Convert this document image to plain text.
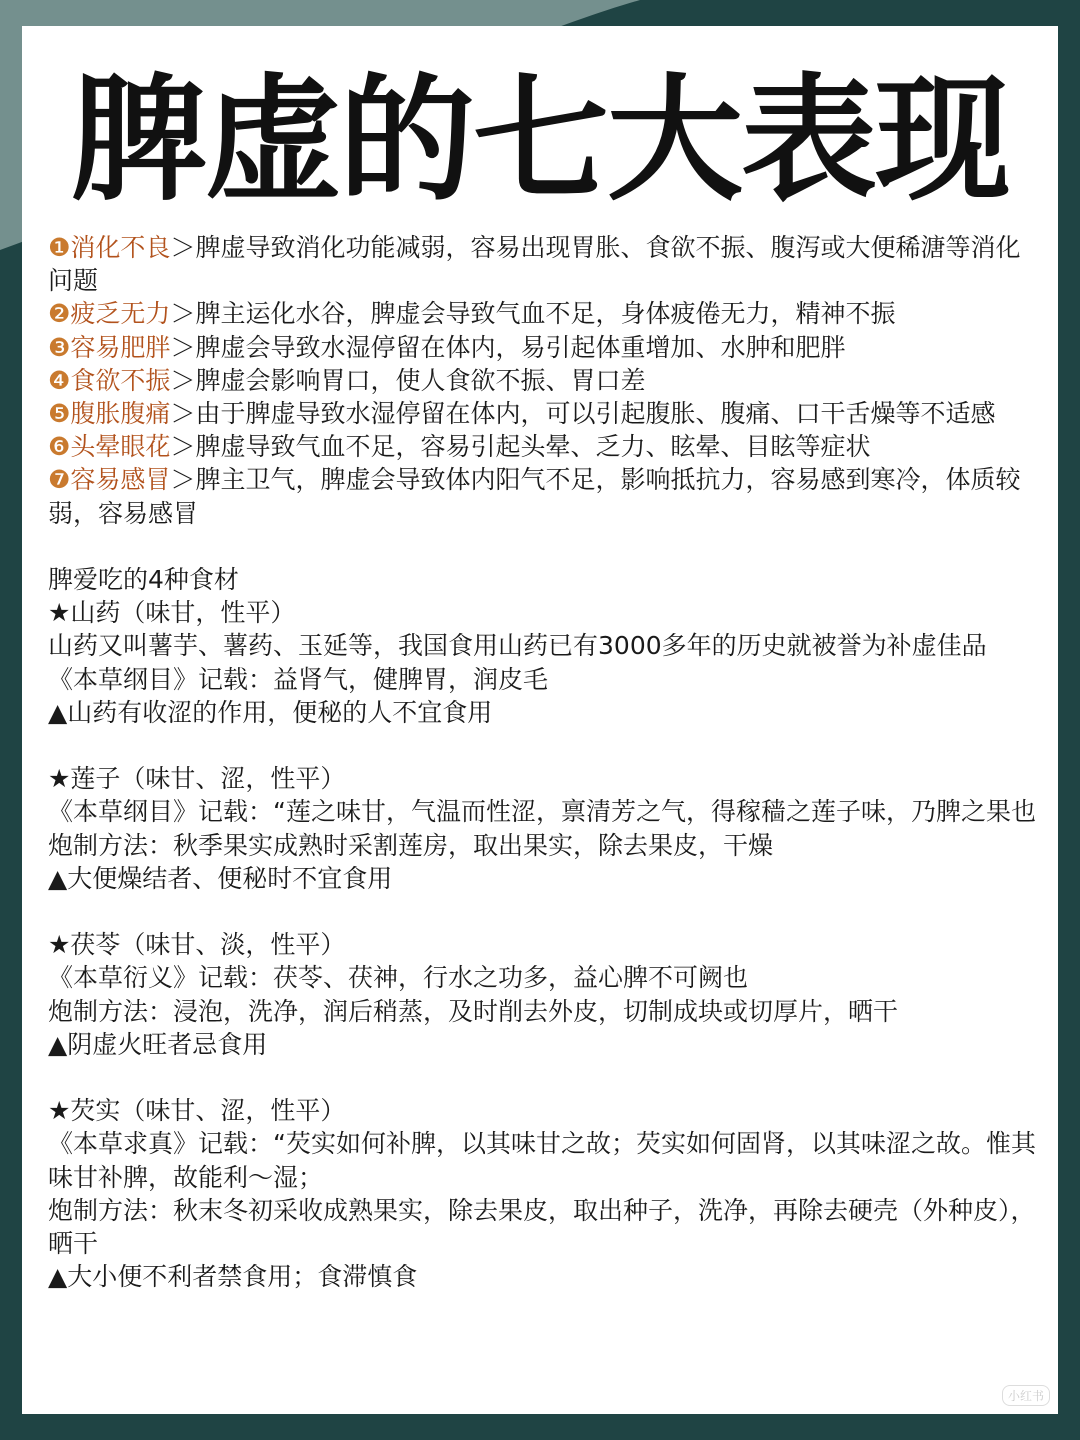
脾虚的七大表现

❶消化不良＞脾虚导致消化功能减弱，容易出现胃胀、食欲不振、腹泻或大便稀溏等消化问题

❷疲乏无力＞脾主运化水谷，脾虚会导致气血不足，身体疲倦无力，精神不振

❸容易肥胖＞脾虚会导致水湿停留在体内，易引起体重增加、水肿和肥胖

❹食欲不振＞脾虚会影响胃口，使人食欲不振、胃口差

❺腹胀腹痛＞由于脾虚导致水湿停留在体内，可以引起腹胀、腹痛、口干舌燥等不适感

❻头晕眼花＞脾虚导致气血不足，容易引起头晕、乏力、眩晕、目眩等症状

❼容易感冒＞脾主卫气，脾虚会导致体内阳气不足，影响抵抗力，容易感到寒冷，体质较弱，容易感冒

脾爱吃的4种食材

★山药（味甘，性平）

山药又叫薯芋、薯药、玉延等，我国食用山药已有3000多年的历史就被誉为补虚佳品

《本草纲目》记载：益肾气，健脾胃，润皮毛

▲山药有收涩的作用，便秘的人不宜食用

★莲子（味甘、涩，性平）

《本草纲目》记载：“莲之味甘，气温而性涩，禀清芳之气，得稼穑之莲子味，乃脾之果也

炮制方法：秋季果实成熟时采割莲房，取出果实，除去果皮，干燥

▲大便燥结者、便秘时不宜食用

★茯苓（味甘、淡，性平）

《本草衍义》记载：茯苓、茯神，行水之功多，益心脾不可阙也

炮制方法：浸泡，洗净，润后稍蒸，及时削去外皮，切制成块或切厚片，晒干

▲阴虚火旺者忌食用

★芡实（味甘、涩，性平）

《本草求真》记载：“芡实如何补脾，以其味甘之故；芡实如何固肾，以其味涩之故。惟其味甘补脾，故能利～湿；

炮制方法：秋末冬初采收成熟果实，除去果皮，取出种子，洗净，再除去硬壳（外种皮），晒干

▲大小便不利者禁食用；食滞慎食

小红书
